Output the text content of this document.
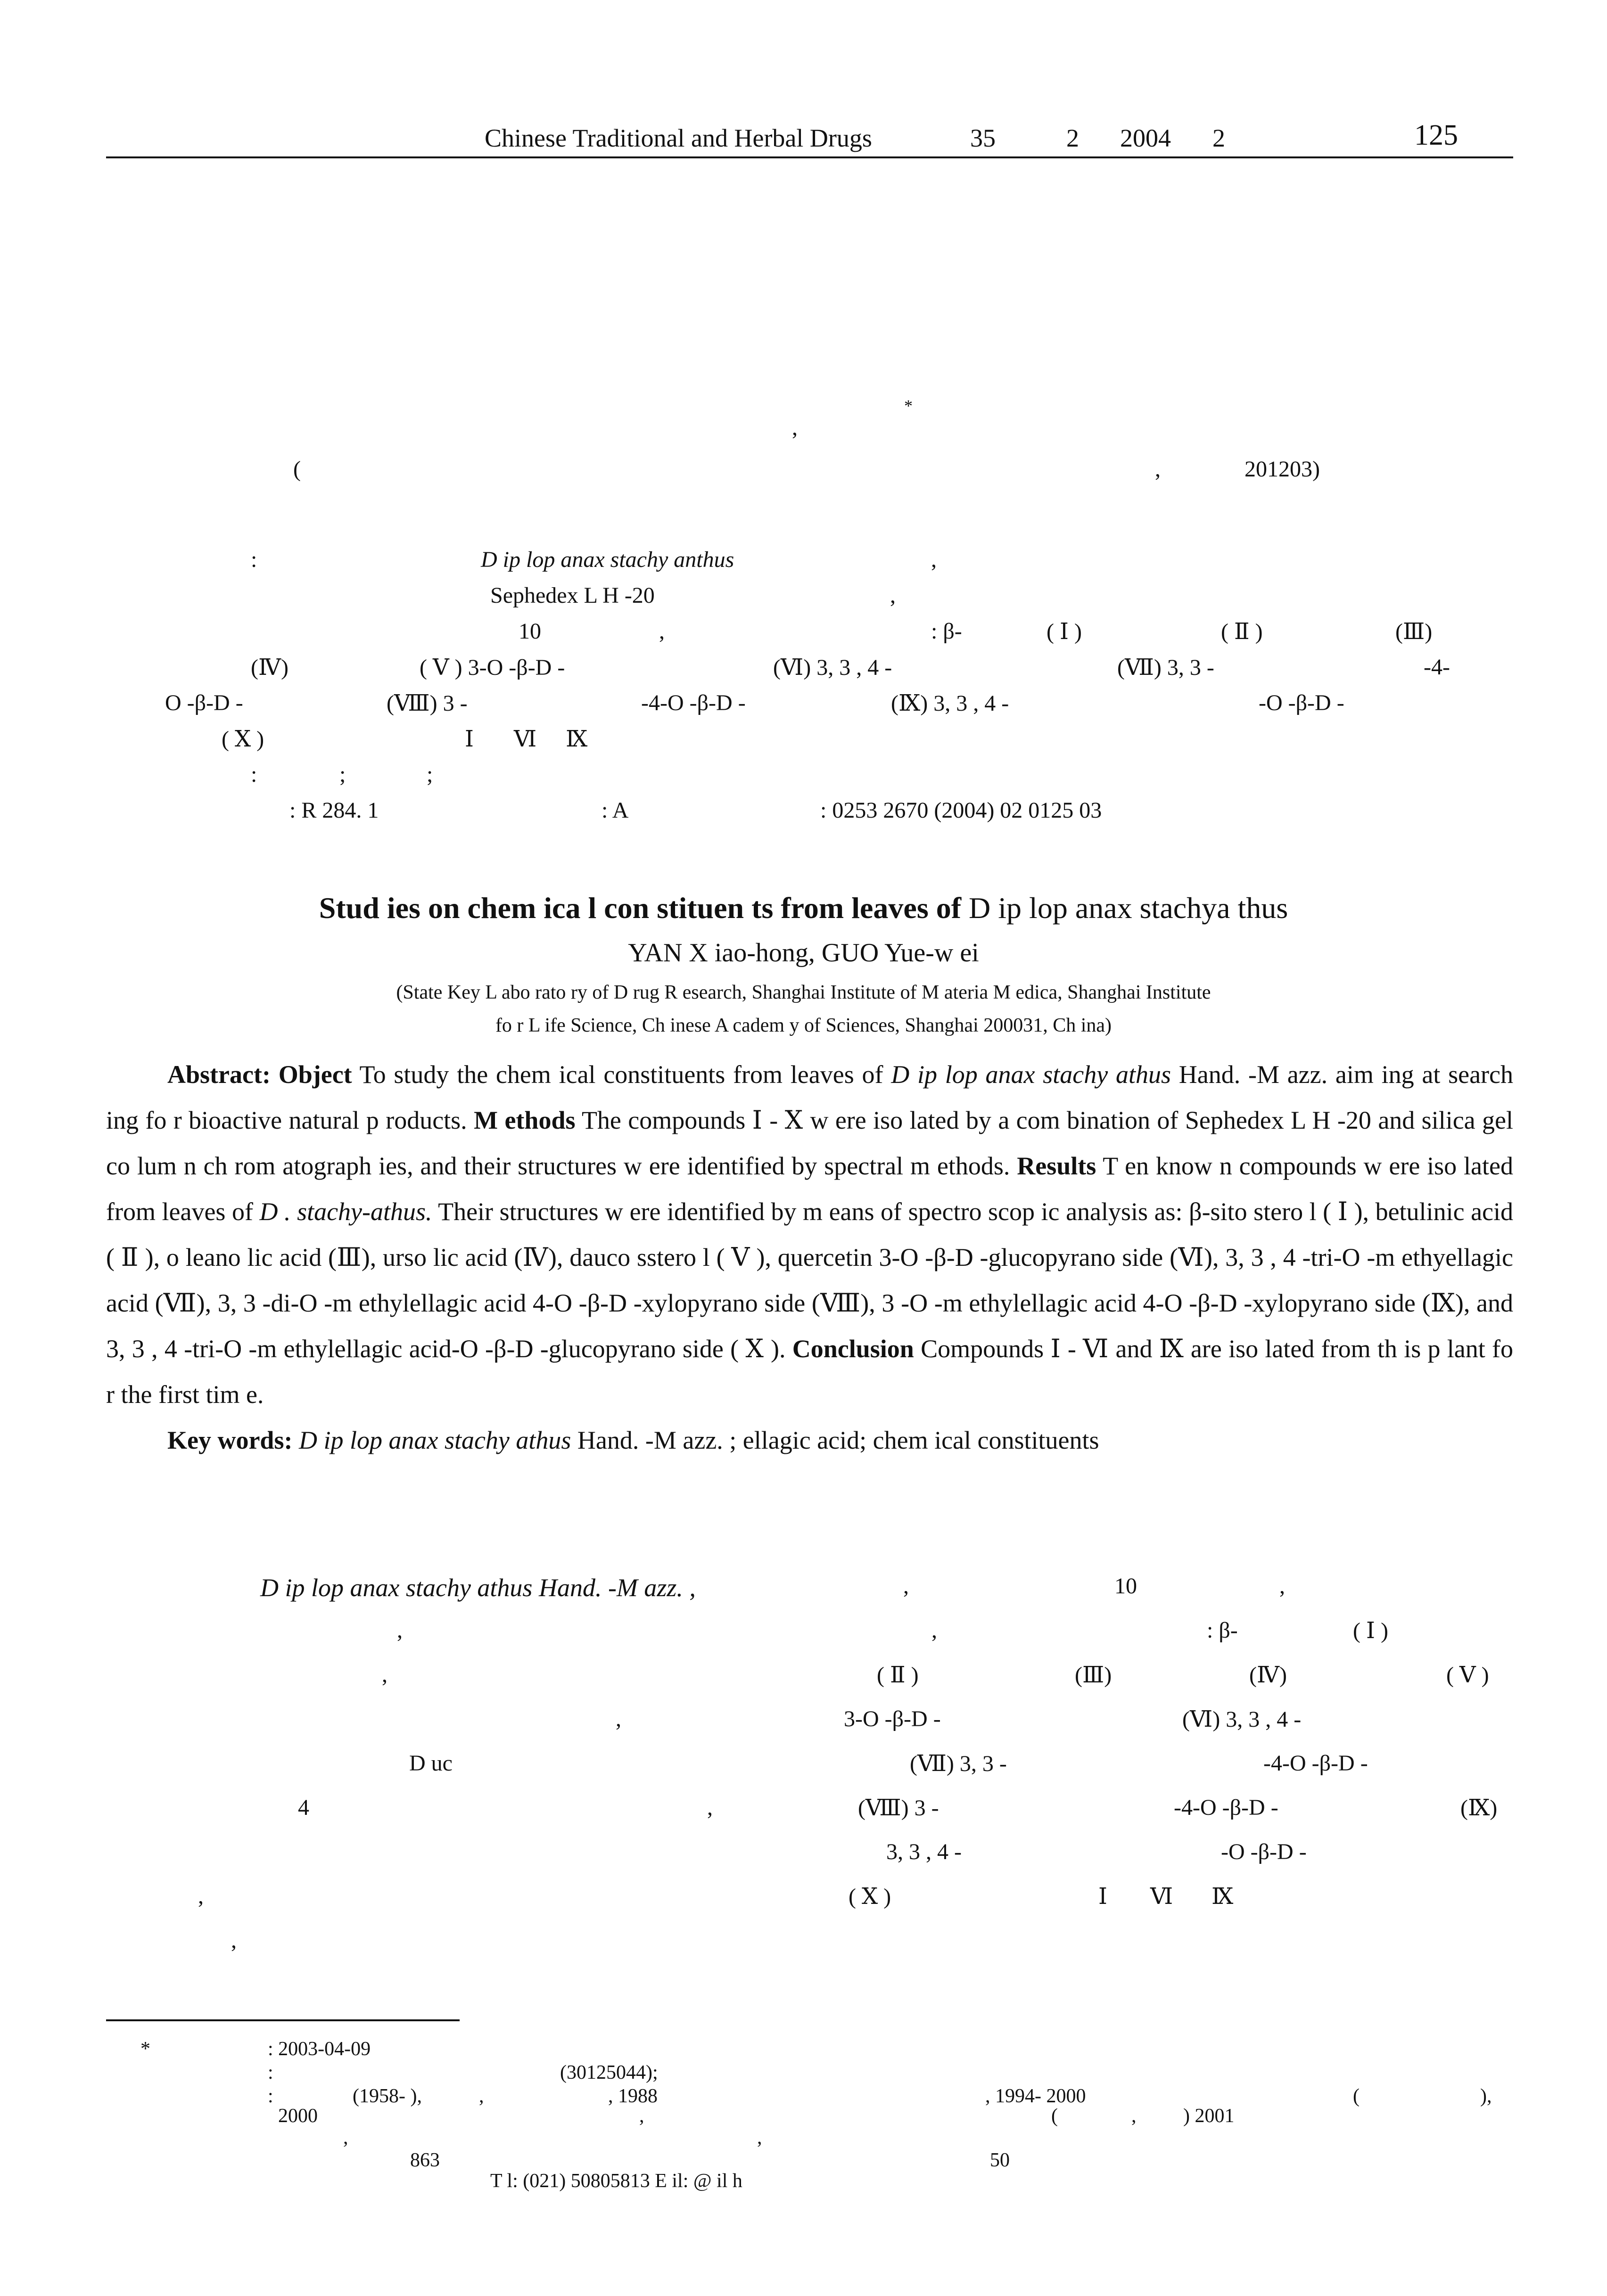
Chinese Traditional and Herbal Drugs	35	2 2004 2	125
*
,
(	,	201203)
:	D ip lop anax stachy anthus	,
Sephedex L H -20	,
10	,	: β-	( Ⅰ )	( Ⅱ )	(Ⅲ)
(Ⅳ)	( Ⅴ ) 3-O -β-D -	(Ⅵ) 3, 3 , 4 -	(Ⅶ) 3, 3 -	-4-
O -β-D -	(Ⅷ) 3 -	-4-O -β-D -	(Ⅸ) 3, 3 , 4 -	-O -β-D -
( Ⅹ )	Ⅰ Ⅵ Ⅸ
:	;	;
: R 284. 1	: A	: 0253 2670 (2004) 02 0125 03
Stud ies on chem ica l con stituen ts from leaves of D ip lop anax stachya thus
YAN X iao-hong, GUO Yue-w ei
(State Key L abo rato ry of D rug R esearch, Shanghai Institute of M ateria M edica, Shanghai Institute
fo r L ife Science, Ch inese A cadem y of Sciences, Shanghai 200031, Ch ina)

Abstract: Object To study the chem ical constituents from leaves of D ip lop anax stachy athus Hand. -M azz. aim ing at search ing fo r bioactive natural p roducts. M ethods The compounds Ⅰ - Ⅹ w ere iso lated by a com bination of Sephedex L H -20 and silica gel co lum n ch rom atograph ies, and their structures w ere identified by spectral m ethods. Results T en know n compounds w ere iso lated from leaves of D . stachy-athus. Their structures w ere identified by m eans of spectro scop ic analysis as: β-sito stero l ( Ⅰ ), betulinic acid ( Ⅱ ), o leano lic acid (Ⅲ), urso lic acid (Ⅳ), dauco sstero l ( Ⅴ ), quercetin 3-O -β-D -glucopyrano side (Ⅵ), 3, 3 , 4 -tri-O -m ethyellagic acid (Ⅶ), 3, 3 -di-O -m ethylellagic acid 4-O -β-D -xylopyrano side (Ⅷ), 3 -O -m ethylellagic acid 4-O -β-D -xylopyrano side (Ⅸ), and 3, 3 , 4 -tri-O -m ethylellagic acid-O -β-D -glucopyrano side ( Ⅹ ). Conclusion Compounds Ⅰ - Ⅵ and Ⅸ are iso lated from th is p lant fo r the first tim e.

Key words: D ip lop anax stachy athus Hand. -M azz. ; ellagic acid; chem ical constituents

D ip lop anax stachy athus Hand. -M azz. ,	,	10	,
,	,	: β-	( Ⅰ )
,	( Ⅱ )	(Ⅲ)	(Ⅳ)	( Ⅴ )
,	3-O -β-D -	(Ⅵ) 3, 3 , 4 -
D uc	(Ⅶ) 3, 3 -	-4-O -β-D -
4	,	(Ⅷ) 3 -	-4-O -β-D -	(Ⅸ)
3, 3 , 4 -	-O -β-D -
,	( Ⅹ )	Ⅰ Ⅵ Ⅸ
,
*	: 2003-04-09
:	(30125044);
:	(1958- ),	,	, 1988	, 1994- 2000	(	),
2000	,	(	, ) 2001
,	,
863	50
T l: (021) 50805813 E il: @ il h
